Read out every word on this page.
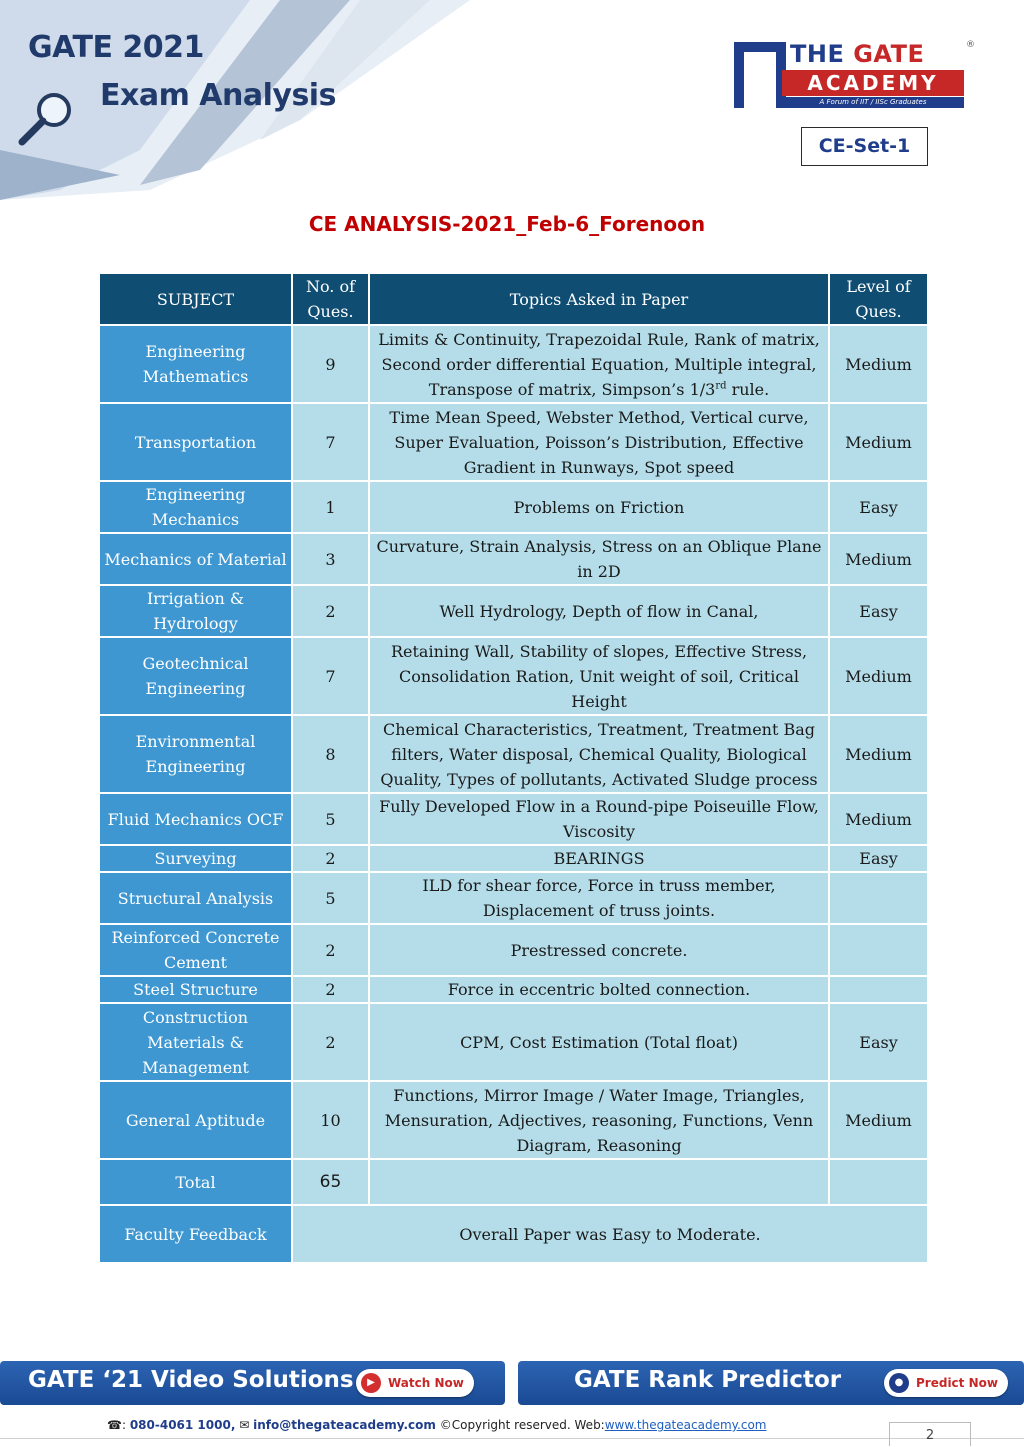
GATE 2021
Exam Analysis
THE GATE	®
ACADEMY
A Forum of IIT / IISc Graduates
CE-Set-1
CE ANALYSIS-2021_Feb-6_Forenoon
SUBJECT	No. of Ques.	Topics Asked in Paper	Level of Ques.
Engineering Mathematics	9	Limits & Continuity, Trapezoidal Rule, Rank of matrix, Second order differential Equation, Multiple integral, Transpose of matrix, Simpson’s 1/3rd rule.	Medium
Transportation	7	Time Mean Speed, Webster Method, Vertical curve, Super Evaluation, Poisson’s Distribution, Effective Gradient in Runways, Spot speed	Medium
Engineering Mechanics	1	Problems on Friction	Easy
Mechanics of Material	3	Curvature, Strain Analysis, Stress on an Oblique Plane in 2D	Medium
Irrigation & Hydrology	2	Well Hydrology, Depth of flow in Canal,	Easy
Geotechnical Engineering	7	Retaining Wall, Stability of slopes, Effective Stress, Consolidation Ration, Unit weight of soil, Critical Height	Medium
Environmental Engineering	8	Chemical Characteristics, Treatment, Treatment Bag filters, Water disposal, Chemical Quality, Biological Quality, Types of pollutants, Activated Sludge process	Medium
Fluid Mechanics OCF	5	Fully Developed Flow in a Round-pipe Poiseuille Flow, Viscosity	Medium
Surveying	2	BEARINGS	Easy
Structural Analysis	5	ILD for shear force, Force in truss member, Displacement of truss joints.	
Reinforced Concrete Cement	2	Prestressed concrete.	
Steel Structure	2	Force in eccentric bolted connection.	
Construction Materials & Management	2	CPM, Cost Estimation (Total float)	Easy
General Aptitude	10	Functions, Mirror Image / Water Image, Triangles, Mensuration, Adjectives, reasoning, Functions, Venn Diagram, Reasoning	Medium
Total	65		
Faculty Feedback	Overall Paper was Easy to Moderate.		
GATE ‘21 Video Solutions	▶	Watch Now	GATE Rank Predictor	●	Predict Now
☎: 080-4061 1000, ✉ info@thegateacademy.com ©Copyright reserved. Web:www.thegateacademy.com
2
